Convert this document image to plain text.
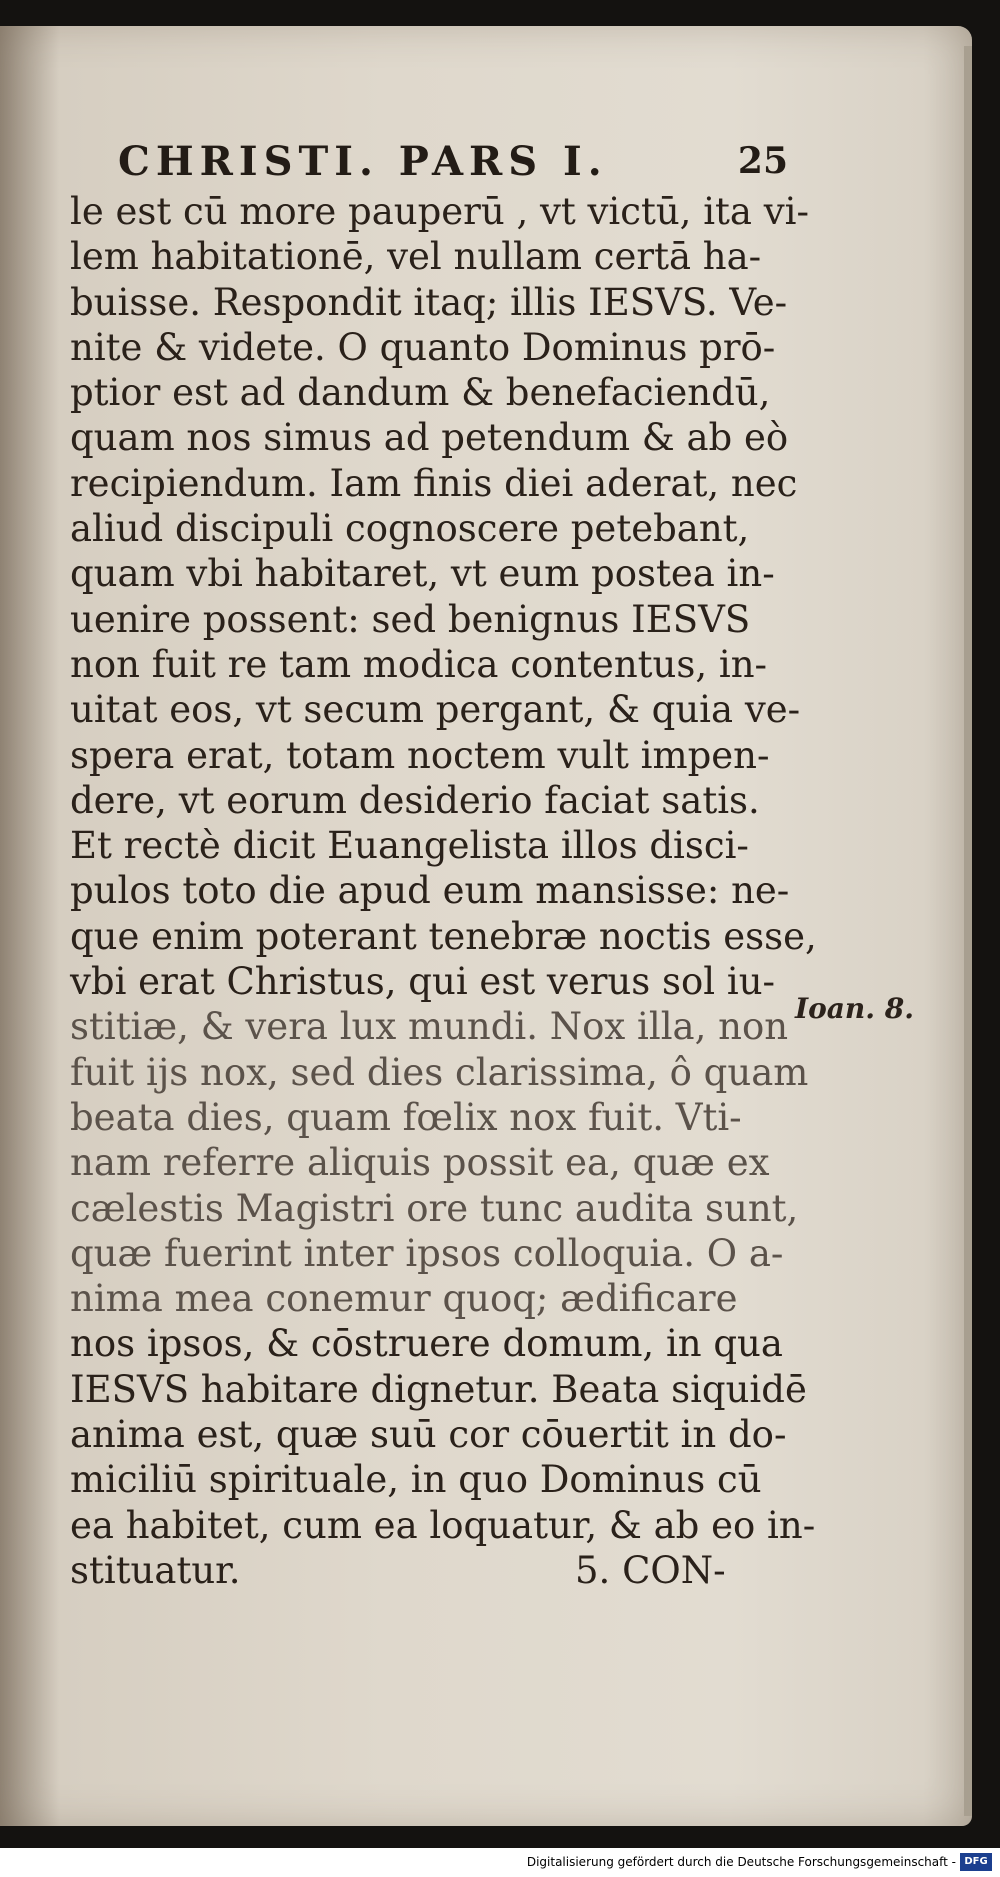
CHRISTI. PARS I.	25
le est cū more pauperū , vt victū, ita vi-
lem habitationē, vel nullam certā ha-
buisse. Respondit itaq; illis IESVS. Ve-
nite & videte. O quanto Dominus prō-
ptior est ad dandum & benefaciendū,
quam nos simus ad petendum & ab eò
recipiendum. Iam finis diei aderat, nec
aliud discipuli cognoscere petebant,
quam vbi habitaret, vt eum postea in-
uenire possent: sed benignus IESVS
non fuit re tam modica contentus, in-
uitat eos, vt secum pergant, & quia ve-
spera erat, totam noctem vult impen-
dere, vt eorum desiderio faciat satis.
Et rectè dicit Euangelista illos disci-
pulos toto die apud eum mansisse: ne-
que enim poterant tenebræ noctis esse,
vbi erat Christus, qui est verus sol iu-
stitiæ, & vera lux mundi. Nox illa, non
fuit ijs nox, sed dies clarissima, ô quam
beata dies, quam fœlix nox fuit. Vti-
nam referre aliquis possit ea, quæ ex
cælestis Magistri ore tunc audita sunt,
quæ fuerint inter ipsos colloquia. O a-
nima mea conemur quoq; ædificare
nos ipsos, & cōstruere domum, in qua
IESVS habitare dignetur. Beata siquidē
anima est, quæ suū cor cōuertit in do-
miciliū spirituale, in quo Dominus cū
ea habitet, cum ea loquatur, & ab eo in-
stituatur.	5. CON-
Ioan. 8.
Digitalisierung gefördert durch die Deutsche Forschungsgemeinschaft - DFG
